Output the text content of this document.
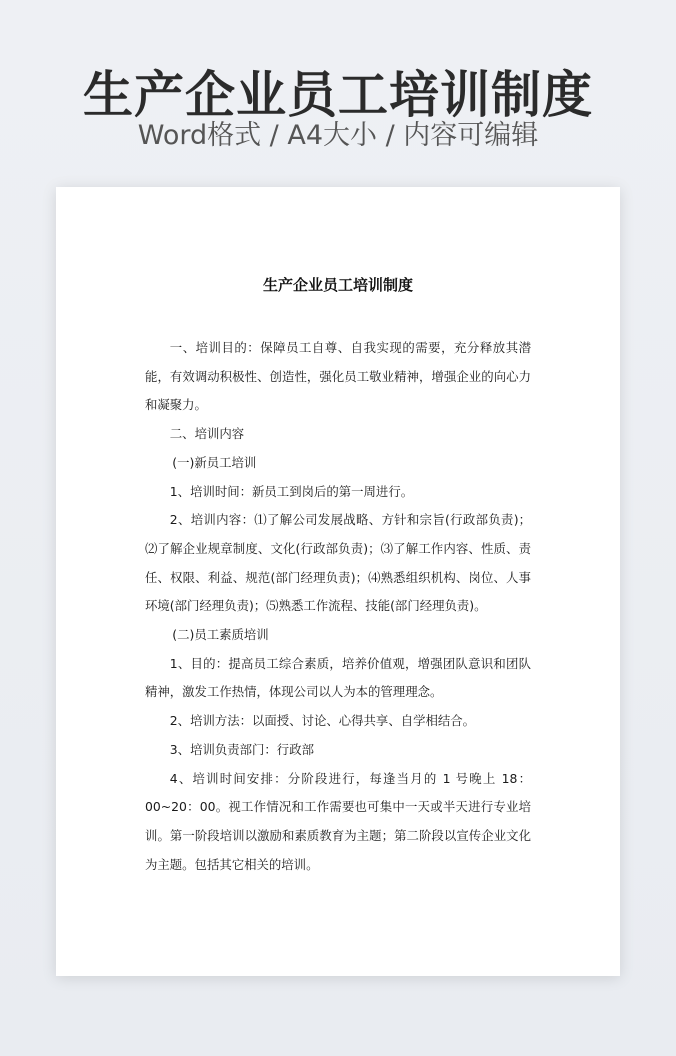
生产企业员工培训制度
Word格式 / A4大小 / 内容可编辑
生产企业员工培训制度

一、培训目的：保障员工自尊、自我实现的需要，充分释放其潜能，有效调动积极性、创造性，强化员工敬业精神，增强企业的向心力和凝聚力。

二、培训内容

(一)新员工培训

1、培训时间：新员工到岗后的第一周进行。

2、培训内容：⑴了解公司发展战略、方针和宗旨(行政部负责)；⑵了解企业规章制度、文化(行政部负责)；⑶了解工作内容、性质、责任、权限、利益、规范(部门经理负责)；⑷熟悉组织机构、岗位、人事环境(部门经理负责)；⑸熟悉工作流程、技能(部门经理负责)。

(二)员工素质培训

1、目的：提高员工综合素质，培养价值观，增强团队意识和团队精神，激发工作热情，体现公司以人为本的管理理念。

2、培训方法：以面授、讨论、心得共享、自学相结合。

3、培训负责部门：行政部

4、培训时间安排：分阶段进行，每逢当月的 1 号晚上 18：00~20：00。视工作情况和工作需要也可集中一天或半天进行专业培训。第一阶段培训以激励和素质教育为主题；第二阶段以宣传企业文化为主题。包括其它相关的培训。
